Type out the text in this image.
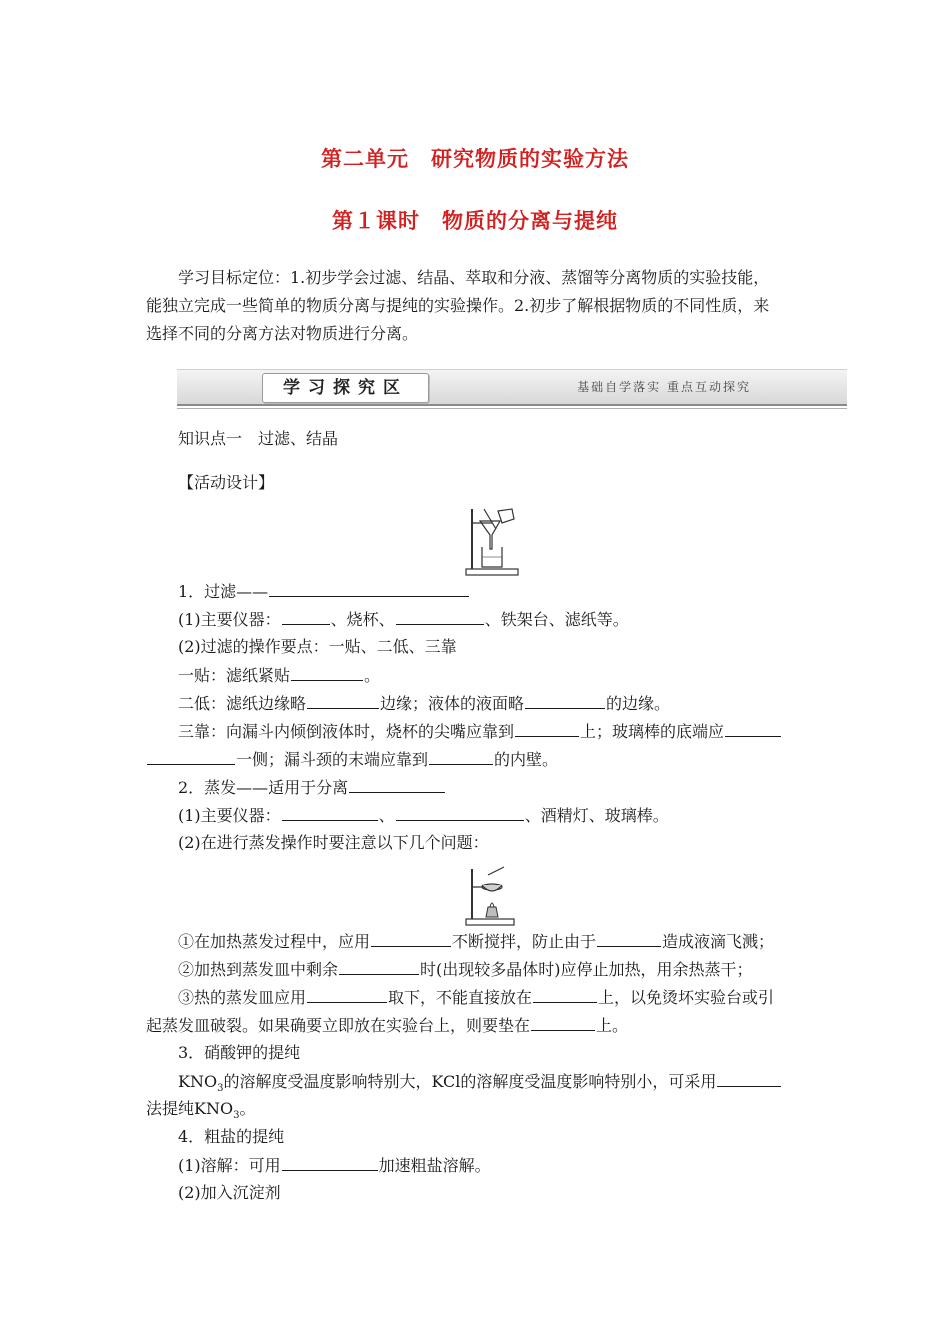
第二单元　研究物质的实验方法
第１课时　物质的分离与提纯
学习目标定位：1.初步学会过滤、结晶、萃取和分液、蒸馏等分离物质的实验技能，
能独立完成一些简单的物质分离与提纯的实验操作。2.初步了解根据物质的不同性质，来
选择不同的分离方法对物质进行分离。
学习探究区	基础自学落实 重点互动探究
知识点一　过滤、结晶
【活动设计】
1．过滤——
(1)主要仪器：	、烧杯、	、铁架台、滤纸等。
(2)过滤的操作要点：一贴、二低、三靠
一贴：滤纸紧贴	。
二低：滤纸边缘略	边缘；液体的液面略	的边缘。
三靠：向漏斗内倾倒液体时，烧杯的尖嘴应靠到	上；玻璃棒的底端应
一侧；漏斗颈的末端应靠到	的内壁。
2．蒸发——适用于分离
(1)主要仪器：	、	、酒精灯、玻璃棒。
(2)在进行蒸发操作时要注意以下几个问题：
①在加热蒸发过程中，应用	不断搅拌，防止由于	造成液滴飞溅；
②加热到蒸发皿中剩余	时(出现较多晶体时)应停止加热，用余热蒸干；
③热的蒸发皿应用	取下，不能直接放在	上，以免烫坏实验台或引
起蒸发皿破裂。如果确要立即放在实验台上，则要垫在	上。
3．硝酸钾的提纯
$KNO_3$的溶解度受温度影响特别大，KCl的溶解度受温度影响特别小，可采用
法提纯$KNO_3$。
4．粗盐的提纯
(1)溶解：可用	加速粗盐溶解。
(2)加入沉淀剂
